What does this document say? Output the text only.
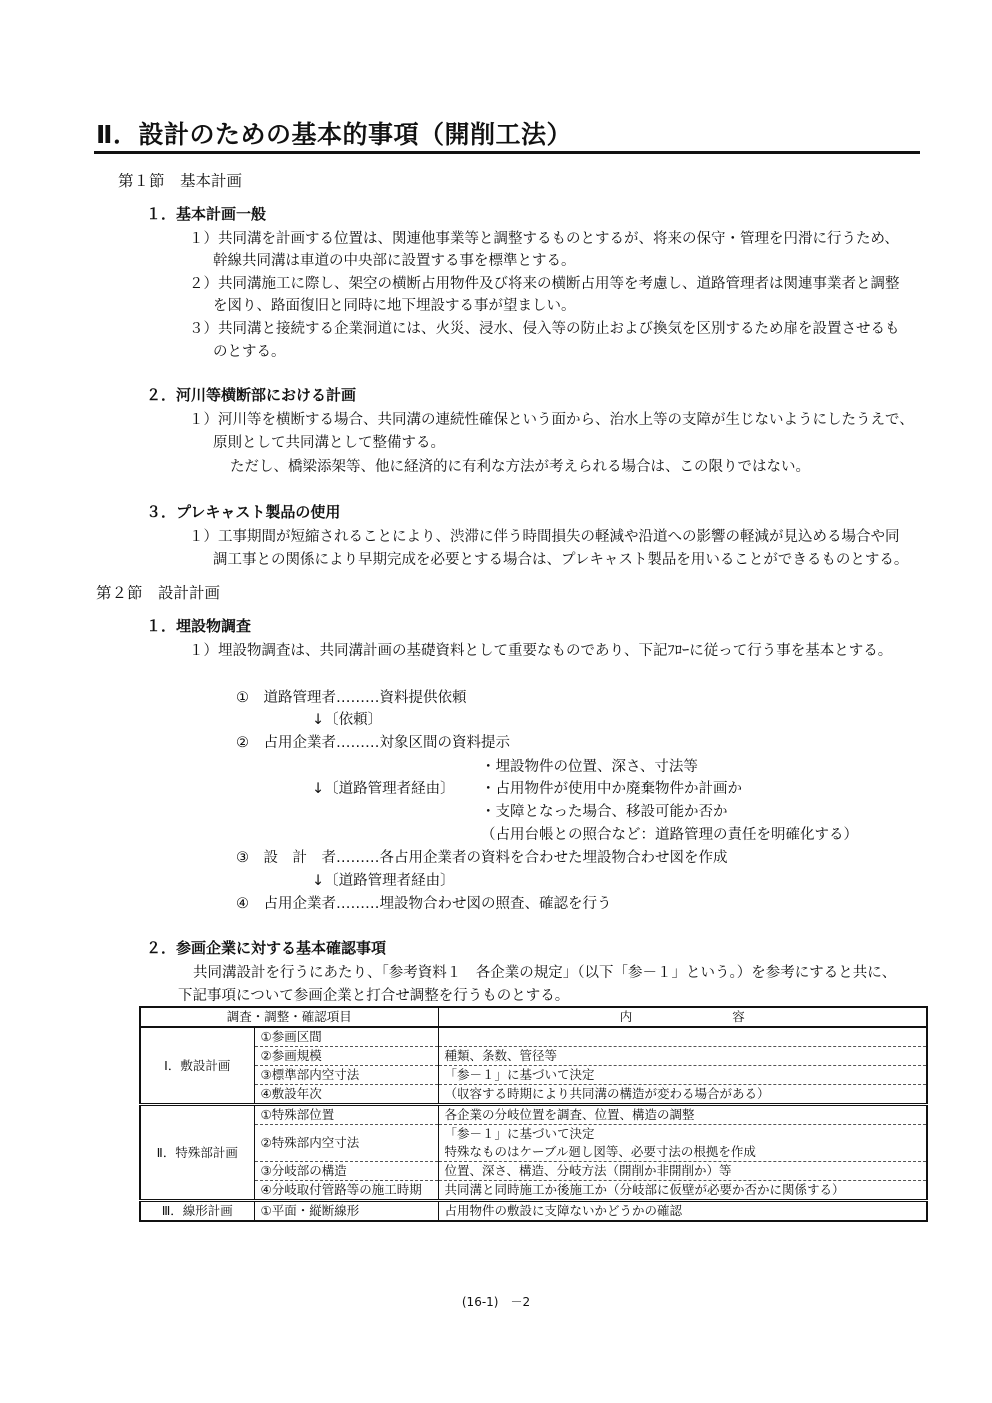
Ⅱ．設計のための基本的事項（開削工法）
第１節　基本計画
１．基本計画一般
１）共同溝を計画する位置は、関連他事業等と調整するものとするが、将来の保守・管理を円滑に行うため、
幹線共同溝は車道の中央部に設置する事を標準とする。
２）共同溝施工に際し、架空の横断占用物件及び将来の横断占用等を考慮し、道路管理者は関連事業者と調整
を図り、路面復旧と同時に地下埋設する事が望ましい。
３）共同溝と接続する企業洞道には、火災、浸水、侵入等の防止および換気を区別するため扉を設置させるも
のとする。
２．河川等横断部における計画
１）河川等を横断する場合、共同溝の連続性確保という面から、治水上等の支障が生じないようにしたうえで、
原則として共同溝として整備する。
ただし、橋梁添架等、他に経済的に有利な方法が考えられる場合は、この限りではない。
３．プレキャスト製品の使用
１）工事期間が短縮されることにより、渋滞に伴う時間損失の軽減や沿道への影響の軽減が見込める場合や同
調工事との関係により早期完成を必要とする場合は、プレキャスト製品を用いることができるものとする。
第２節　設計計画
１．埋設物調査
１）埋設物調査は、共同溝計画の基礎資料として重要なものであり、下記ﾌﾛｰに従って行う事を基本とする。
①　道路管理者………資料提供依頼
↓〔依頼〕
②　占用企業者………対象区間の資料提示
・埋設物件の位置、深さ、寸法等
↓〔道路管理者経由〕 ・占用物件が使用中か廃棄物件か計画か
・支障となった場合、移設可能か否か
（占用台帳との照合など：道路管理の責任を明確化する）
③　設　計　者………各占用企業者の資料を合わせた埋設物合わせ図を作成
↓〔道路管理者経由〕
④　占用企業者………埋設物合わせ図の照査、確認を行う
２．参画企業に対する基本確認事項
共同溝設計を行うにあたり、「参考資料１　各企業の規定」（以下「参－１」という。）を参考にすると共に、
下記事項について参画企業と打合せ調整を行うものとする。
調査・調整・確認項目		内　　　　　　　　容
Ⅰ．敷設計画	①参画区間	
	②参画規模	種類、条数、管径等
	③標準部内空寸法	「参－１」に基づいて決定
	④敷設年次	（収容する時期により共同溝の構造が変わる場合がある）
Ⅱ．特殊部計画	①特殊部位置	各企業の分岐位置を調査、位置、構造の調整
	②特殊部内空寸法	「参－１」に基づいて決定
		特殊なものはケーブル廻し図等、必要寸法の根拠を作成
	③分岐部の構造	位置、深さ、構造、分岐方法（開削か非開削か）等
	④分岐取付管路等の施工時期	共同溝と同時施工か後施工か（分岐部に仮壁が必要か否かに関係する）
Ⅲ．線形計画	①平面・縦断線形	占用物件の敷設に支障ないかどうかの確認
(16-1)　－2
